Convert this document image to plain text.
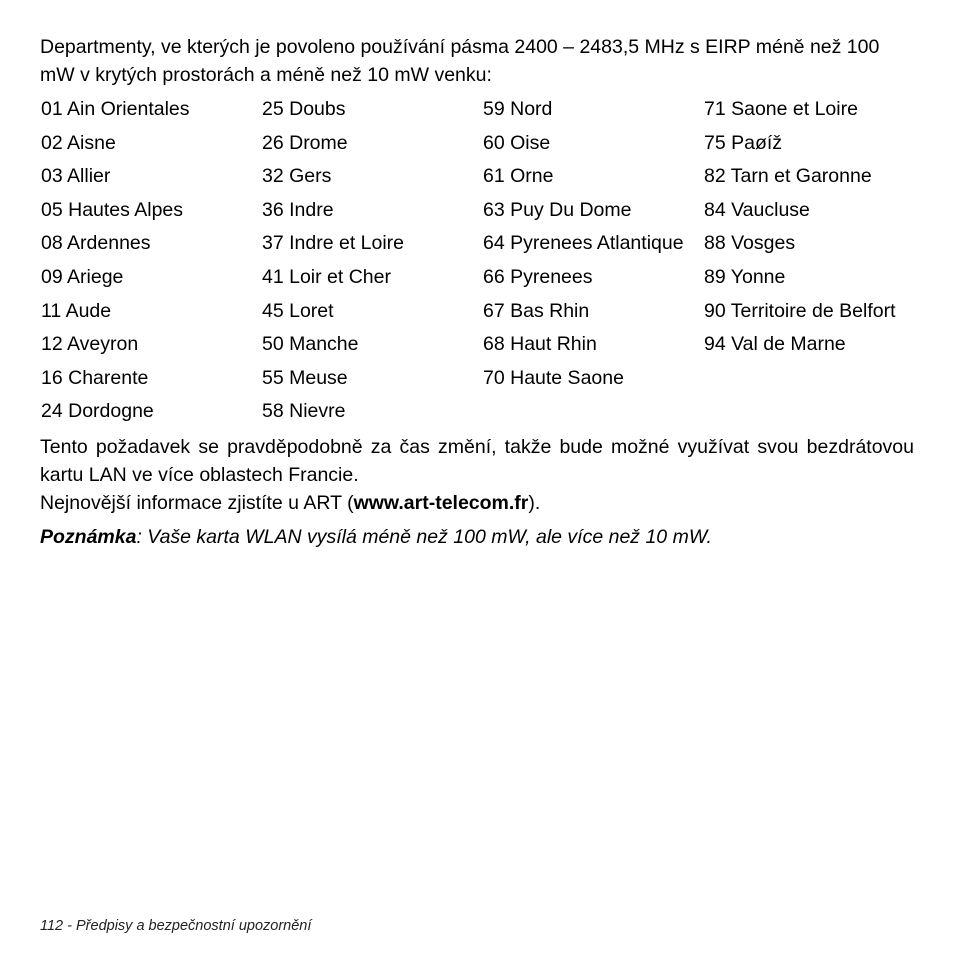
Departmenty, ve kterých je povoleno používání pásma 2400 – 2483,5 MHz s EIRP méně než 100 mW v krytých prostorách a méně než 10 mW venku:

01 Ain Orientales
02 Aisne
03 Allier
05 Hautes Alpes
08 Ardennes
09 Ariege
11 Aude
12 Aveyron
16 Charente
24 Dordogne
25 Doubs
26 Drome
32 Gers
36 Indre
37 Indre et Loire
41 Loir et Cher
45 Loret
50 Manche
55 Meuse
58 Nievre
59 Nord
60 Oise
61 Orne
63 Puy Du Dome
64 Pyrenees Atlantique
66 Pyrenees
67 Bas Rhin
68 Haut Rhin
70 Haute Saone
71 Saone et Loire
75 Paøíž
82 Tarn et Garonne
84 Vaucluse
88 Vosges
89 Yonne
90 Territoire de Belfort
94 Val de Marne

Tento požadavek se pravděpodobně za čas změní, takže bude možné využívat svou bezdrátovou kartu LAN ve více oblastech Francie.

Nejnovější informace zjistíte u ART (www.art-telecom.fr).

Poznámka: Vaše karta WLAN vysílá méně než 100 mW, ale více než 10 mW.

112 - Předpisy a bezpečnostní upozornění
